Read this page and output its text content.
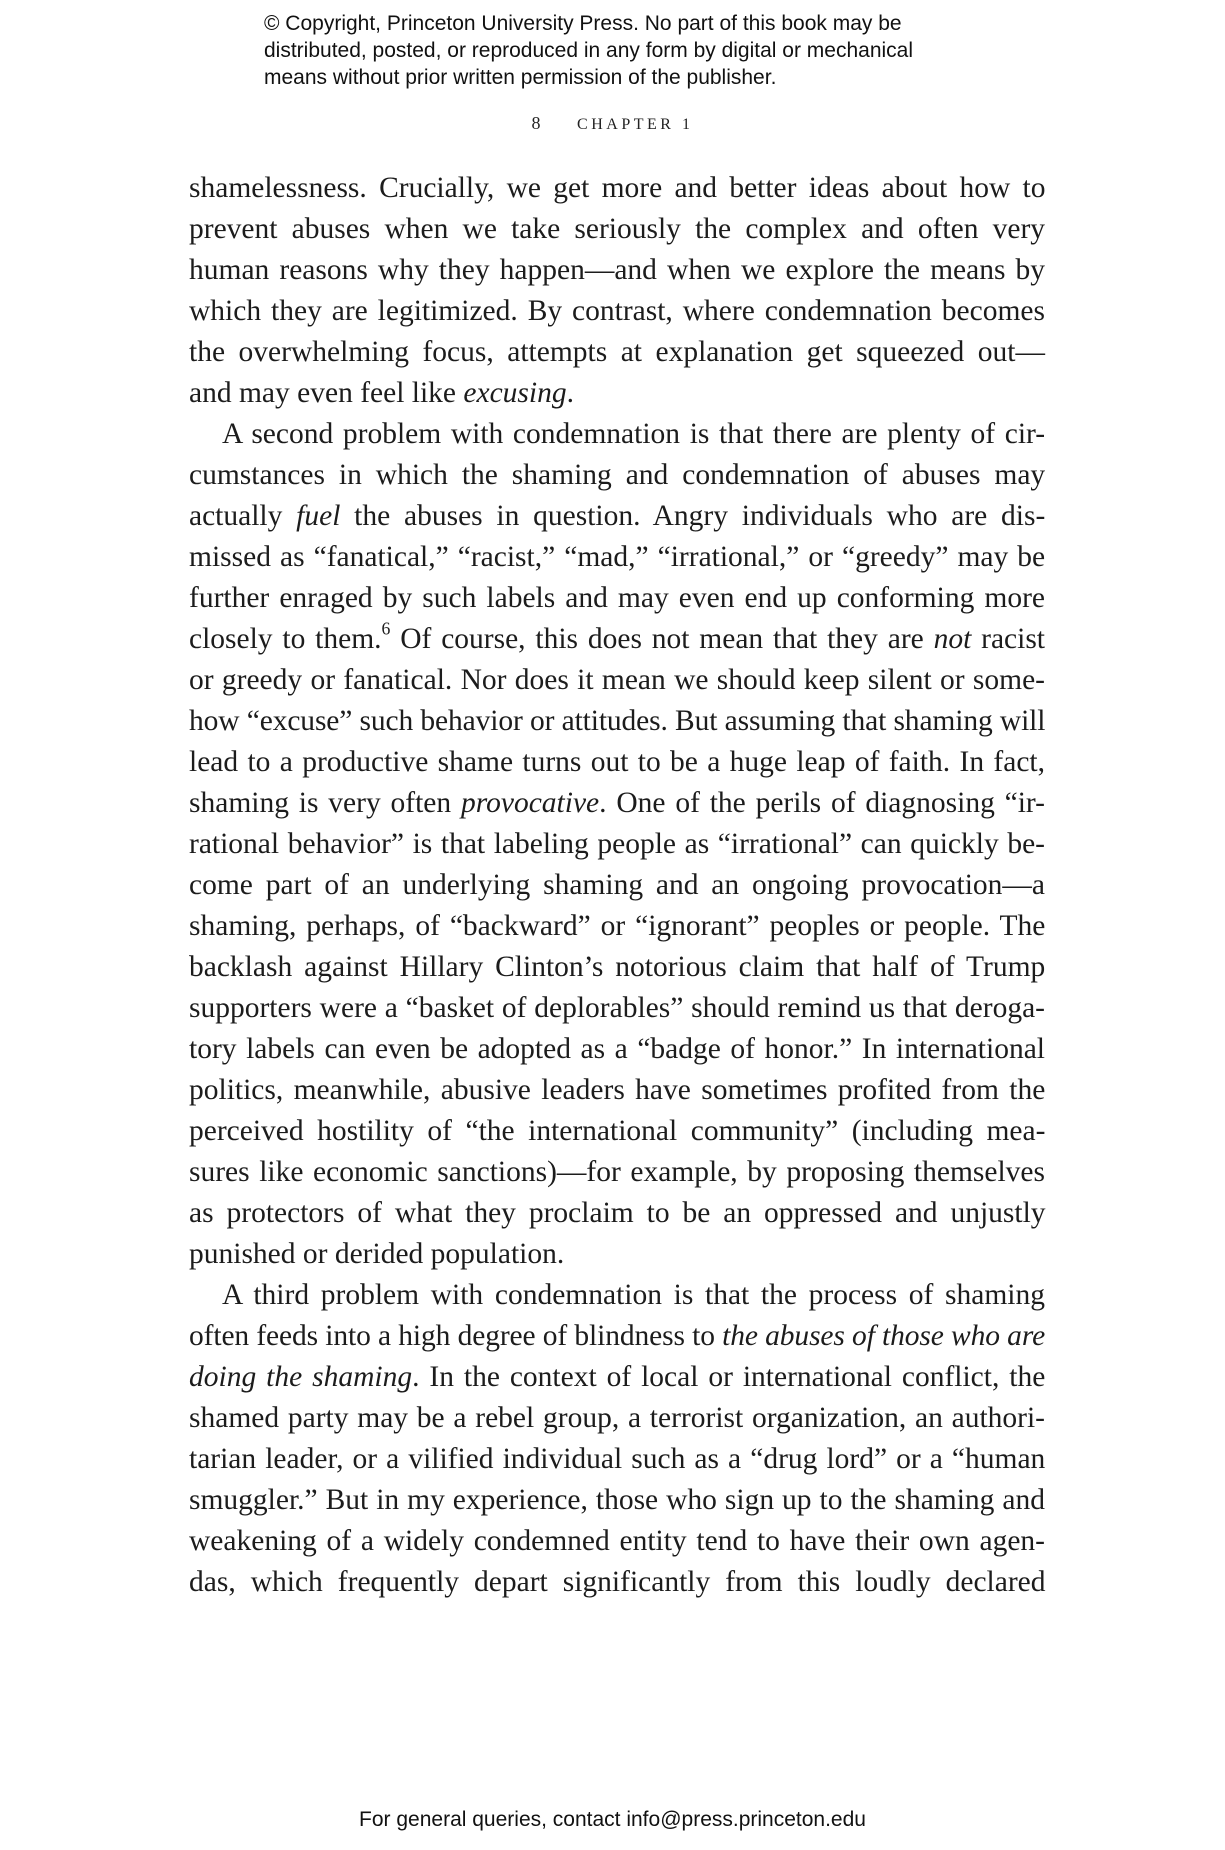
© Copyright, Princeton University Press. No part of this book may be
distributed, posted, or reproduced in any form by digital or mechanical
means without prior written permission of the publisher.
8 CHAPTER 1
shamelessness. Crucially, we get more and better ideas about how to
prevent abuses when we take seriously the complex and often very
human reasons why they happen—and when we explore the means by
which they are legitimized. By contrast, where condemnation becomes
the overwhelming focus, attempts at explanation get squeezed out—
and may even feel like excusing.
A second problem with condemnation is that there are plenty of cir-
cumstances in which the shaming and condemnation of abuses may
actually fuel the abuses in question. Angry individuals who are dis-
missed as “fanatical,” “racist,” “mad,” “irrational,” or “greedy” may be
further enraged by such labels and may even end up conforming more
closely to them.$^6$ Of course, this does not mean that they are not racist
or greedy or fanatical. Nor does it mean we should keep silent or some-
how “excuse” such behavior or attitudes. But assuming that shaming will
lead to a productive shame turns out to be a huge leap of faith. In fact,
shaming is very often provocative. One of the perils of diagnosing “ir-
rational behavior” is that labeling people as “irrational” can quickly be-
come part of an underlying shaming and an ongoing provocation—a
shaming, perhaps, of “backward” or “ignorant” peoples or people. The
backlash against Hillary Clinton’s notorious claim that half of Trump
supporters were a “basket of deplorables” should remind us that deroga-
tory labels can even be adopted as a “badge of honor.” In international
politics, meanwhile, abusive leaders have sometimes profited from the
perceived hostility of “the international community” (including mea-
sures like economic sanctions)—for example, by proposing themselves
as protectors of what they proclaim to be an oppressed and unjustly
punished or derided population.
A third problem with condemnation is that the process of shaming
often feeds into a high degree of blindness to the abuses of those who are
doing the shaming. In the context of local or international conflict, the
shamed party may be a rebel group, a terrorist organization, an authori-
tarian leader, or a vilified individual such as a “drug lord” or a “human
smuggler.” But in my experience, those who sign up to the shaming and
weakening of a widely condemned entity tend to have their own agen-
das, which frequently depart significantly from this loudly declared
For general queries, contact info@press.princeton.edu
